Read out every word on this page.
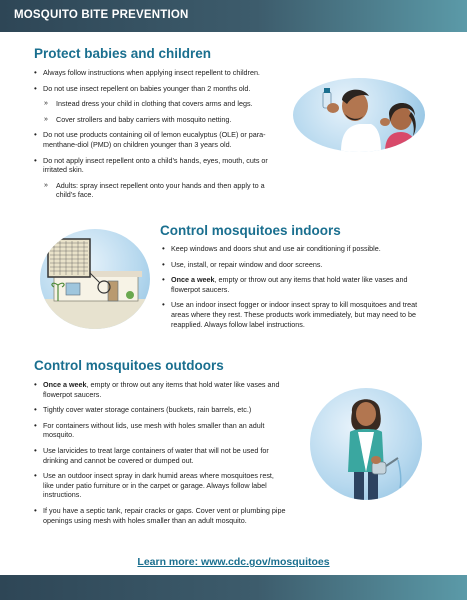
MOSQUITO BITE PREVENTION
Protect babies and children
• Always follow instructions when applying insect repellent to children.
• Do not use insect repellent on babies younger than 2 months old.
» Instead dress your child in clothing that covers arms and legs.
» Cover strollers and baby carriers with mosquito netting.
• Do not use products containing oil of lemon eucalyptus (OLE) or para-menthane-diol (PMD) on children younger than 3 years old.
• Do not apply insect repellent onto a child’s hands, eyes, mouth, cuts or irritated skin.
» Adults: spray insect repellent onto your hands and then apply to a child’s face.
Control mosquitoes indoors
• Keep windows and doors shut and use air conditioning if possible.
• Use, install, or repair window and door screens.
• Once a week, empty or throw out any items that hold water like vases and flowerpot saucers.
• Use an indoor insect fogger or indoor insect spray to kill mosquitoes and treat areas where they rest. These products work immediately, but may need to be reapplied. Always follow label instructions.
Control mosquitoes outdoors
• Once a week, empty or throw out any items that hold water like vases and flowerpot saucers.
• Tightly cover water storage containers (buckets, rain barrels, etc.)
• For containers without lids, use mesh with holes smaller than an adult mosquito.
• Use larvicides to treat large containers of water that will not be used for drinking and cannot be covered or dumped out.
• Use an outdoor insect spray in dark humid areas where mosquitoes rest, like under patio furniture or in the carpet or garage. Always follow label instructions.
• If you have a septic tank, repair cracks or gaps. Cover vent or plumbing pipe openings using mesh with holes smaller than an adult mosquito.
Learn more: www.cdc.gov/mosquitoes
